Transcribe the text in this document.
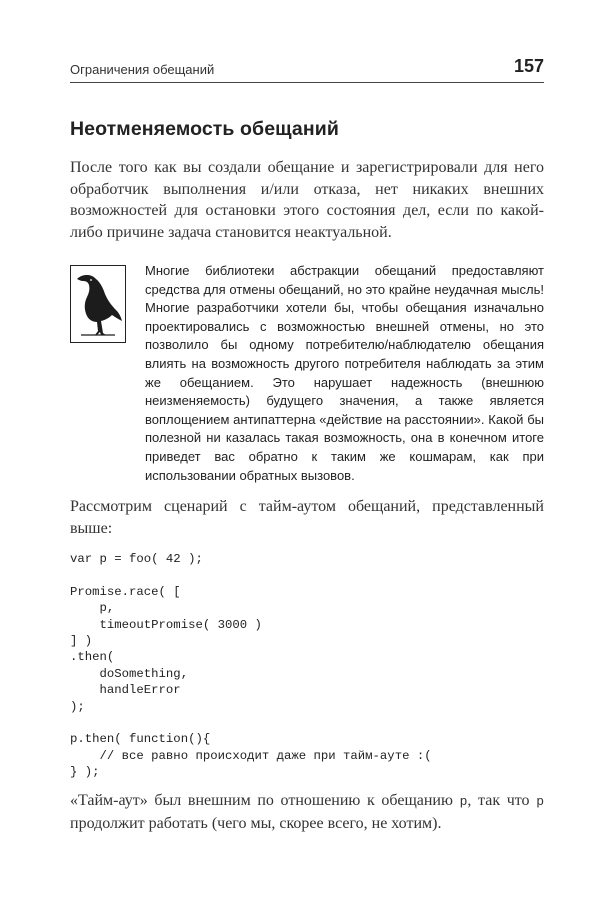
Ограничения обещаний	157
Неотменяемость обещаний

После того как вы создали обещание и зарегистрировали для него обработчик выполнения и/или отказа, нет никаких внешних возможностей для остановки этого состояния дел, если по какой-либо причине задача становится неактуальной.

Многие библиотеки абстракции обещаний предоставляют средства для отмены обещаний, но это крайне неудачная мысль! Многие разработчики хотели бы, чтобы обещания изначально проектировались с возможностью внешней отмены, но это позволило бы одному потребителю/наблюдателю обещания влиять на возможность другого потребителя наблюдать за этим же обещанием. Это нарушает надежность (внешнюю неизменяемость) будущего значения, а также является воплощением антипаттерна «действие на расстоянии». Какой бы полезной ни казалась такая возможность, она в конечном итоге приведет вас обратно к таким же кошмарам, как при использовании обратных вызовов.

Рассмотрим сценарий с тайм-аутом обещаний, представленный выше:

var p = foo( 42 );

Promise.race( [
p,
timeoutPromise( 3000 )
] )
.then(
doSomething,
handleError
);

p.then( function(){
// все равно происходит даже при тайм-ауте :(
} );

«Тайм-аут» был внешним по отношению к обещанию p, так что p продолжит работать (чего мы, скорее всего, не хотим).
